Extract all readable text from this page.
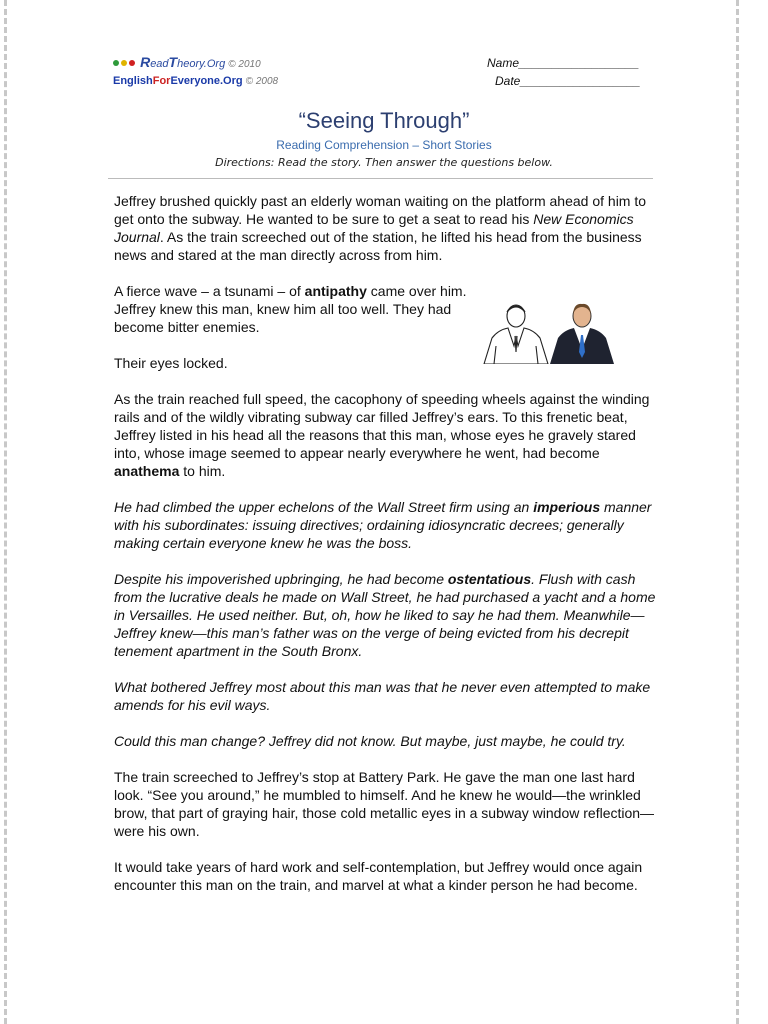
ReadTheory.Org © 2010
EnglishForEveryone.Org © 2008
Name__________________
Date__________________
“Seeing Through”
Reading Comprehension – Short Stories
Directions: Read the story. Then answer the questions below.

Jeffrey brushed quickly past an elderly woman waiting on the platform ahead of him to get onto the subway. He wanted to be sure to get a seat to read his New Economics Journal. As the train screeched out of the station, he lifted his head from the business news and stared at the man directly across from him.

A fierce wave – a tsunami – of antipathy came over him. Jeffrey knew this man, knew him all too well. They had become bitter enemies.

Their eyes locked.

As the train reached full speed, the cacophony of speeding wheels against the winding rails and of the wildly vibrating subway car filled Jeffrey’s ears. To this frenetic beat, Jeffrey listed in his head all the reasons that this man, whose eyes he gravely stared into, whose image seemed to appear nearly everywhere he went, had become anathema to him.

He had climbed the upper echelons of the Wall Street firm using an imperious manner with his subordinates: issuing directives; ordaining idiosyncratic decrees; generally making certain everyone knew he was the boss.

Despite his impoverished upbringing, he had become ostentatious. Flush with cash from the lucrative deals he made on Wall Street, he had purchased a yacht and a home in Versailles. He used neither. But, oh, how he liked to say he had them. Meanwhile—Jeffrey knew—this man’s father was on the verge of being evicted from his decrepit tenement apartment in the South Bronx.

What bothered Jeffrey most about this man was that he never even attempted to make amends for his evil ways.

Could this man change? Jeffrey did not know. But maybe, just maybe, he could try.

The train screeched to Jeffrey’s stop at Battery Park. He gave the man one last hard look. “See you around,” he mumbled to himself. And he knew he would—the wrinkled brow, that part of graying hair, those cold metallic eyes in a subway window reflection—were his own.

It would take years of hard work and self-contemplation, but Jeffrey would once again encounter this man on the train, and marvel at what a kinder person he had become.
